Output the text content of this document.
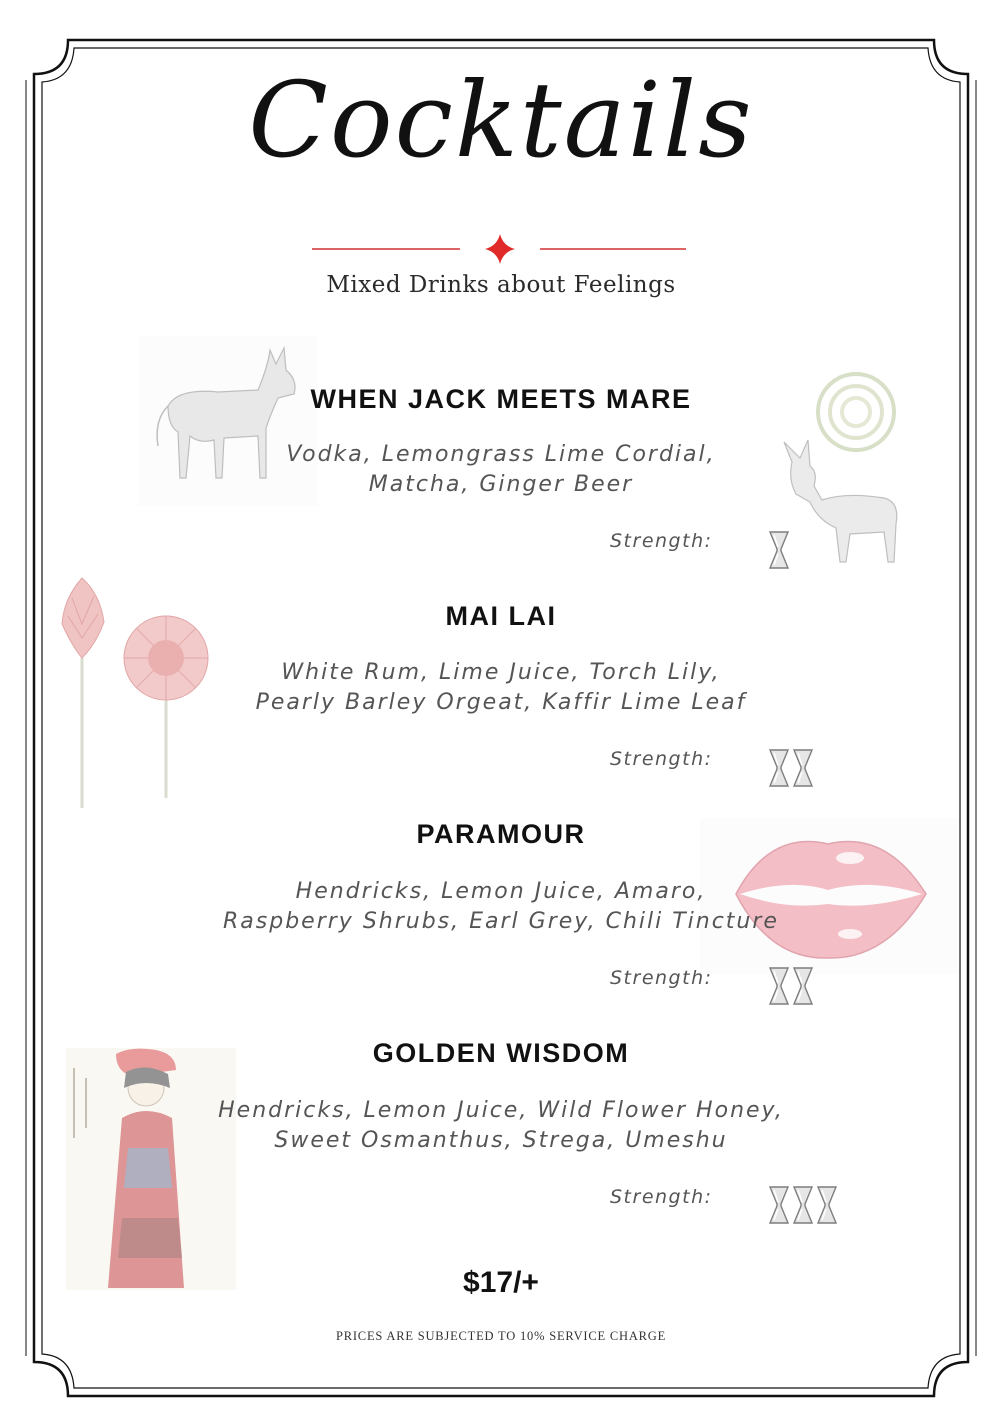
Cocktails
Mixed Drinks about Feelings
WHEN JACK MEETS MARE
Vodka, Lemongrass Lime Cordial,
Matcha, Ginger Beer
Strength:
MAI LAI
White Rum, Lime Juice, Torch Lily,
Pearly Barley Orgeat, Kaffir Lime Leaf
Strength:
PARAMOUR
Hendricks, Lemon Juice, Amaro,
Raspberry Shrubs, Earl Grey, Chili Tincture
Strength:
GOLDEN WISDOM
Hendricks, Lemon Juice, Wild Flower Honey,
Sweet Osmanthus, Strega, Umeshu
Strength:
$17/+
PRICES ARE SUBJECTED TO 10% SERVICE CHARGE
